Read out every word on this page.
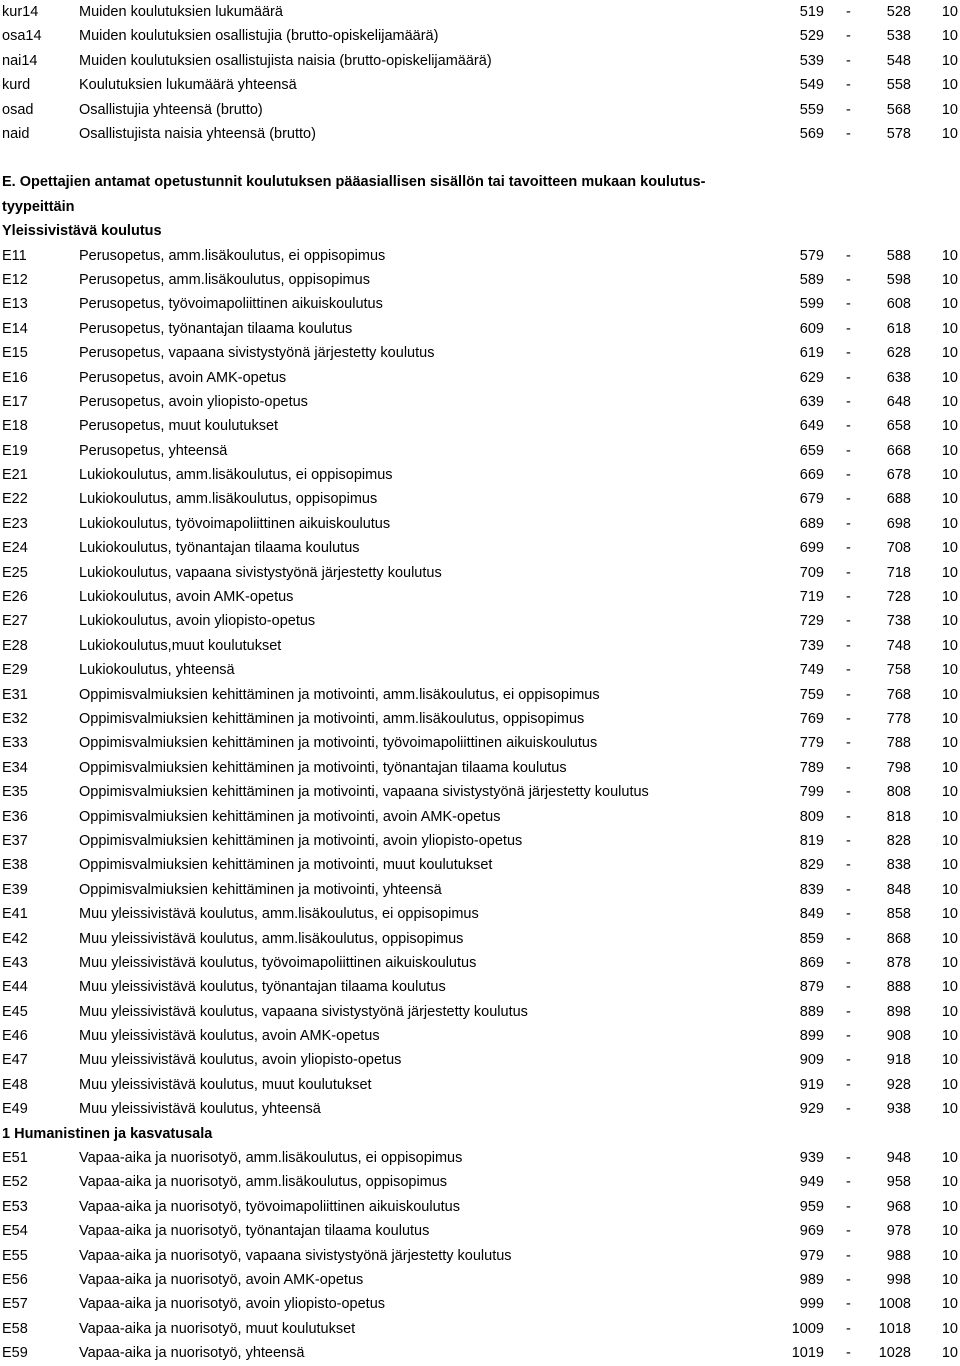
kur14	Muiden koulutuksien lukumäärä	519 - 528 10
osa14	Muiden koulutuksien osallistujia (brutto-opiskelijamäärä)	529 - 538 10
nai14	Muiden koulutuksien osallistujista naisia (brutto-opiskelijamäärä)	539 - 548 10
kurd	Koulutuksien lukumäärä yhteensä	549 - 558 10
osad	Osallistujia yhteensä (brutto)	559 - 568 10
naid	Osallistujista naisia yhteensä (brutto)	569 - 578 10
E. Opettajien antamat opetustunnit koulutuksen pääasiallisen sisällön tai tavoitteen mukaan koulutus-tyypeittäin
Yleissivistävä koulutus
E11	Perusopetus, amm.lisäkoulutus, ei oppisopimus	579 - 588 10
E12	Perusopetus, amm.lisäkoulutus, oppisopimus	589 - 598 10
E13	Perusopetus, työvoimapoliittinen aikuiskoulutus	599 - 608 10
E14	Perusopetus, työnantajan tilaama koulutus	609 - 618 10
E15	Perusopetus, vapaana sivistystyönä järjestetty koulutus	619 - 628 10
E16	Perusopetus, avoin AMK-opetus	629 - 638 10
E17	Perusopetus, avoin yliopisto-opetus	639 - 648 10
E18	Perusopetus, muut koulutukset	649 - 658 10
E19	Perusopetus, yhteensä	659 - 668 10
E21	Lukiokoulutus, amm.lisäkoulutus, ei oppisopimus	669 - 678 10
E22	Lukiokoulutus, amm.lisäkoulutus, oppisopimus	679 - 688 10
E23	Lukiokoulutus, työvoimapoliittinen aikuiskoulutus	689 - 698 10
E24	Lukiokoulutus, työnantajan tilaama koulutus	699 - 708 10
E25	Lukiokoulutus, vapaana sivistystyönä järjestetty koulutus	709 - 718 10
E26	Lukiokoulutus, avoin AMK-opetus	719 - 728 10
E27	Lukiokoulutus, avoin yliopisto-opetus	729 - 738 10
E28	Lukiokoulutus,muut koulutukset	739 - 748 10
E29	Lukiokoulutus, yhteensä	749 - 758 10
E31	Oppimisvalmiuksien kehittäminen ja motivointi, amm.lisäkoulutus, ei oppisopimus	759 - 768 10
E32	Oppimisvalmiuksien kehittäminen ja motivointi, amm.lisäkoulutus, oppisopimus	769 - 778 10
E33	Oppimisvalmiuksien kehittäminen ja motivointi, työvoimapoliittinen aikuiskoulutus	779 - 788 10
E34	Oppimisvalmiuksien kehittäminen ja motivointi, työnantajan tilaama koulutus	789 - 798 10
E35	Oppimisvalmiuksien kehittäminen ja motivointi, vapaana sivistystyönä järjestetty koulutus	799 - 808 10
E36	Oppimisvalmiuksien kehittäminen ja motivointi, avoin AMK-opetus	809 - 818 10
E37	Oppimisvalmiuksien kehittäminen ja motivointi, avoin yliopisto-opetus	819 - 828 10
E38	Oppimisvalmiuksien kehittäminen ja motivointi, muut koulutukset	829 - 838 10
E39	Oppimisvalmiuksien kehittäminen ja motivointi, yhteensä	839 - 848 10
E41	Muu yleissivistävä koulutus, amm.lisäkoulutus, ei oppisopimus	849 - 858 10
E42	Muu yleissivistävä koulutus, amm.lisäkoulutus, oppisopimus	859 - 868 10
E43	Muu yleissivistävä koulutus, työvoimapoliittinen aikuiskoulutus	869 - 878 10
E44	Muu yleissivistävä koulutus, työnantajan tilaama koulutus	879 - 888 10
E45	Muu yleissivistävä koulutus, vapaana sivistystyönä järjestetty koulutus	889 - 898 10
E46	Muu yleissivistävä koulutus, avoin AMK-opetus	899 - 908 10
E47	Muu yleissivistävä koulutus, avoin yliopisto-opetus	909 - 918 10
E48	Muu yleissivistävä koulutus, muut koulutukset	919 - 928 10
E49	Muu yleissivistävä koulutus, yhteensä	929 - 938 10
1 Humanistinen ja kasvatusala
E51	Vapaa-aika ja nuorisotyö, amm.lisäkoulutus, ei oppisopimus	939 - 948 10
E52	Vapaa-aika ja nuorisotyö, amm.lisäkoulutus, oppisopimus	949 - 958 10
E53	Vapaa-aika ja nuorisotyö, työvoimapoliittinen aikuiskoulutus	959 - 968 10
E54	Vapaa-aika ja nuorisotyö, työnantajan tilaama koulutus	969 - 978 10
E55	Vapaa-aika ja nuorisotyö, vapaana sivistystyönä järjestetty koulutus	979 - 988 10
E56	Vapaa-aika ja nuorisotyö, avoin AMK-opetus	989 - 998 10
E57	Vapaa-aika ja nuorisotyö, avoin yliopisto-opetus	999 - 1008 10
E58	Vapaa-aika ja nuorisotyö, muut koulutukset	1009 - 1018 10
E59	Vapaa-aika ja nuorisotyö, yhteensä	1019 - 1028 10
